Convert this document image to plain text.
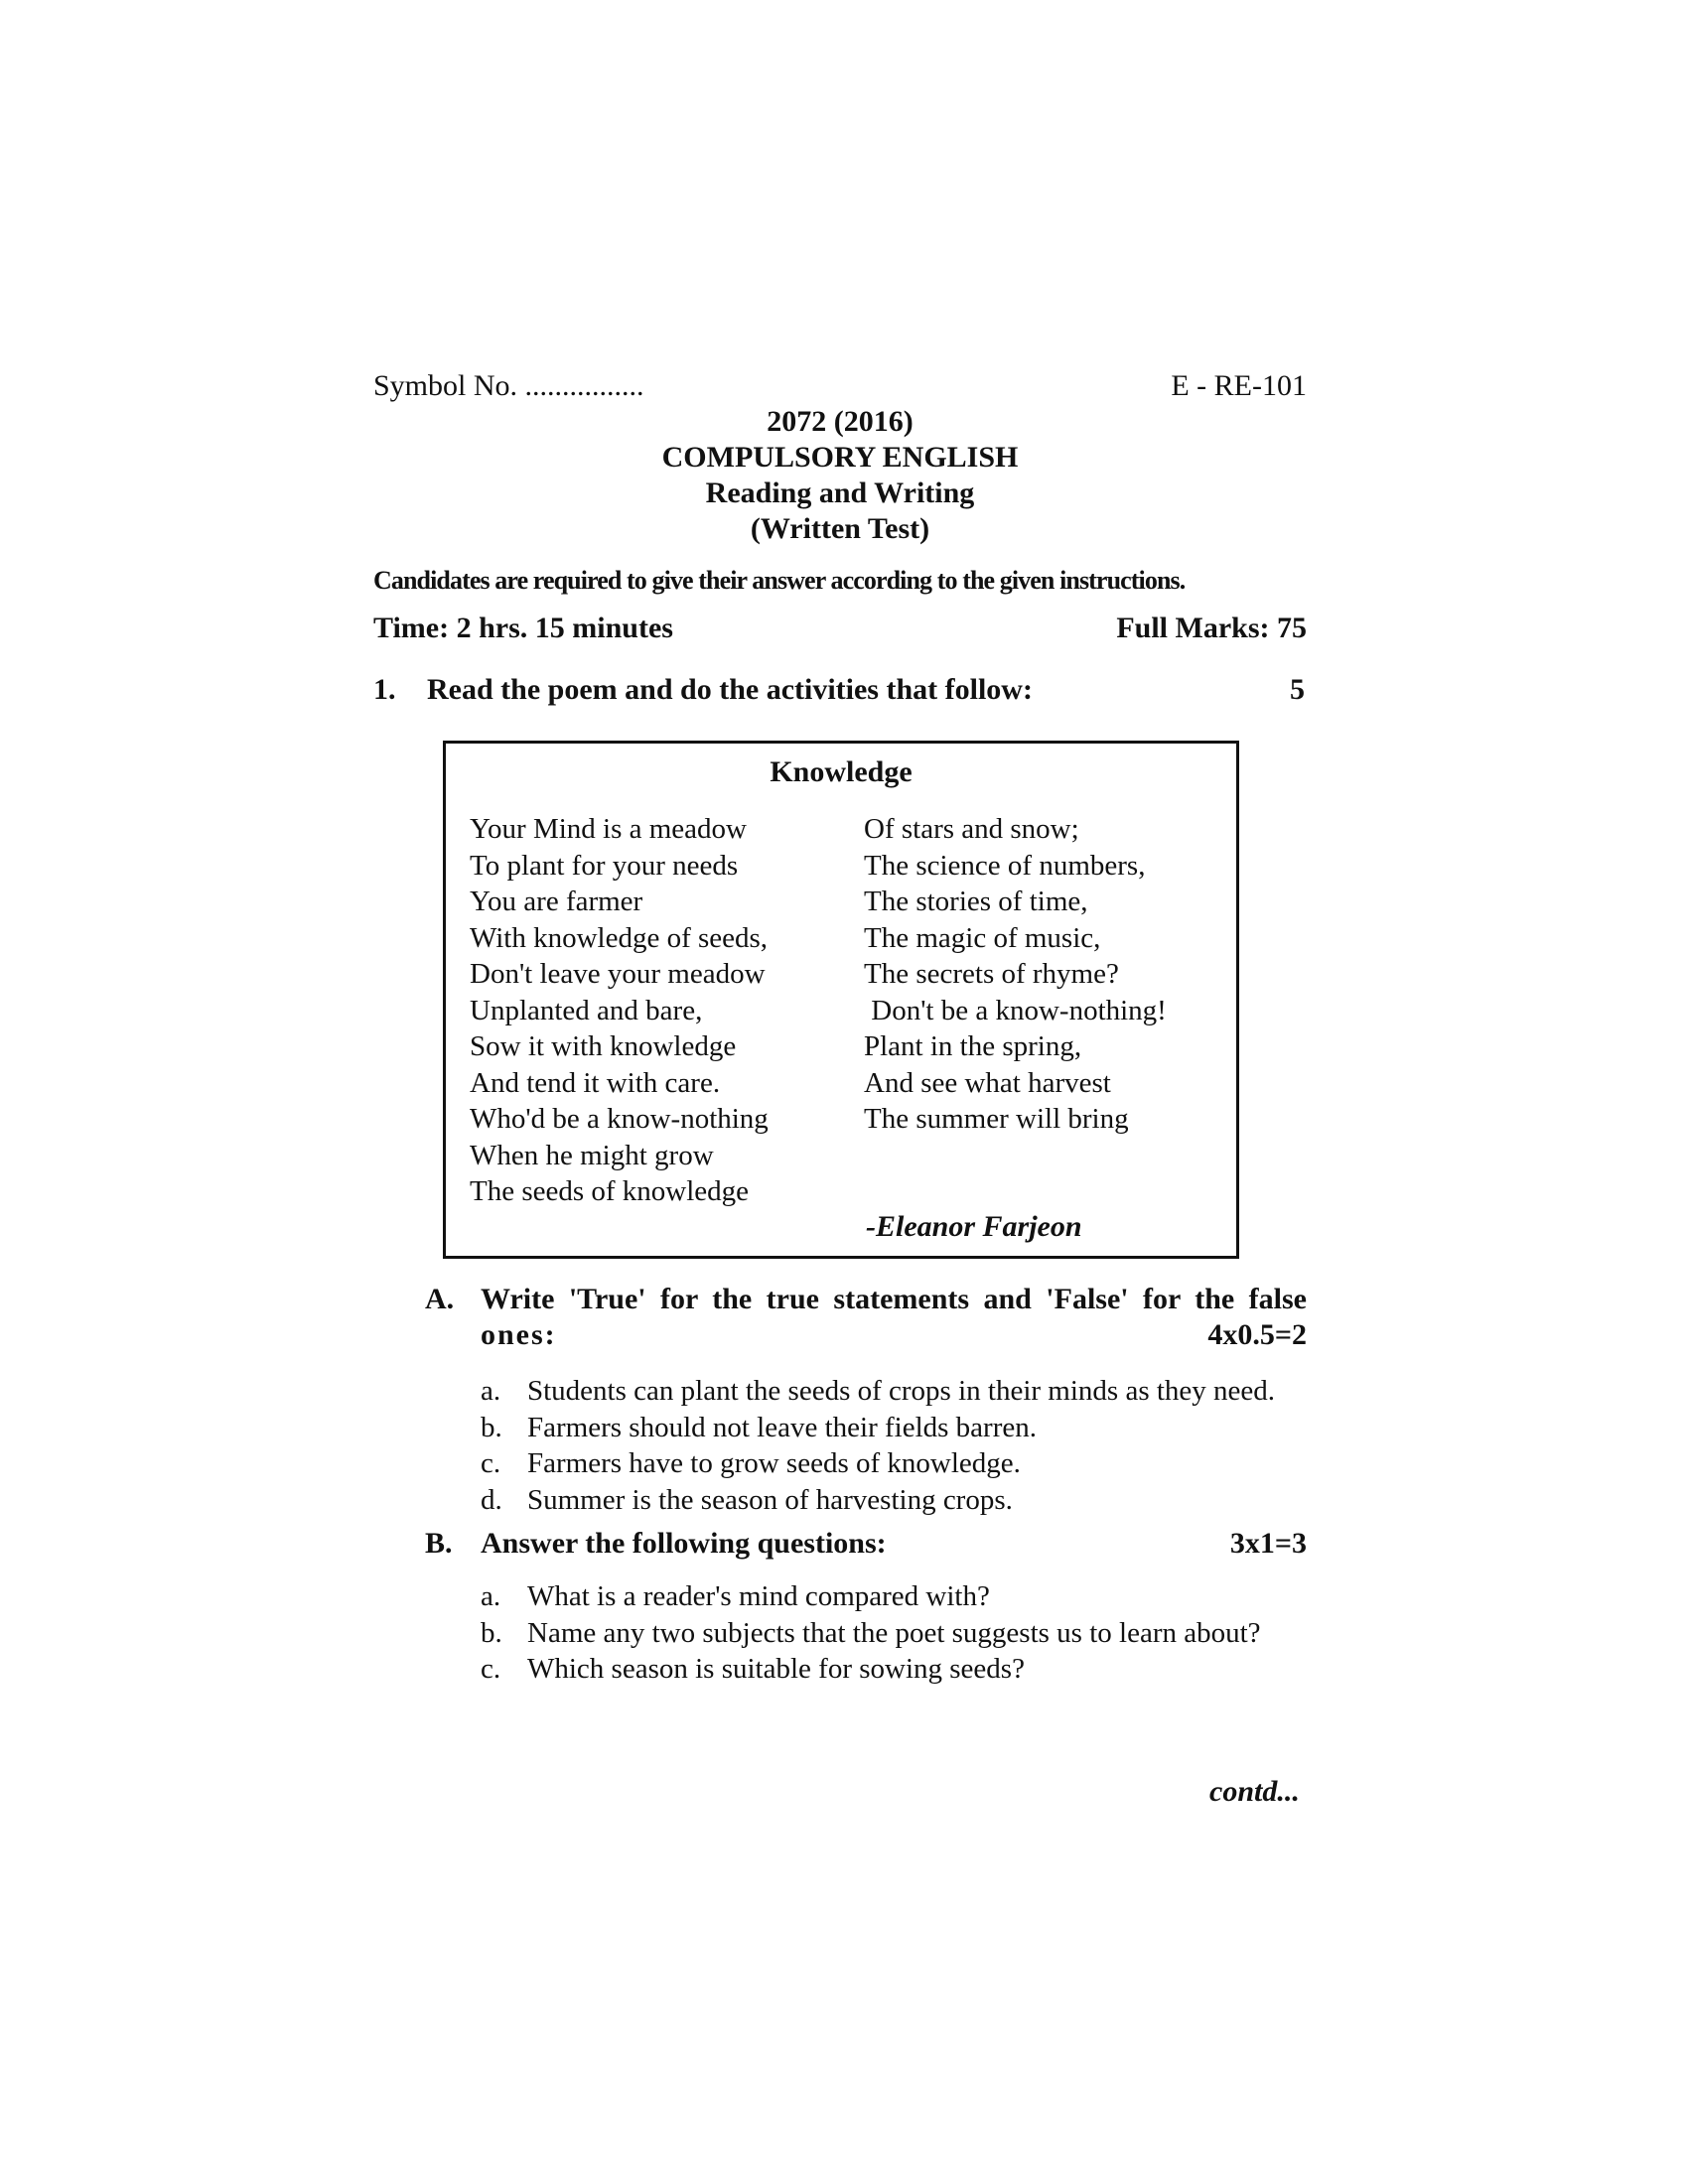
Symbol No. ................	E - RE-101
2072 (2016)
COMPULSORY ENGLISH
Reading and Writing
(Written Test)
Candidates are required to give their answer according to the given instructions.
Time: 2 hrs. 15 minutes	Full Marks: 75
1. Read the poem and do the activities that follow:	5
Knowledge
Your Mind is a meadow
To plant for your needs
You are farmer
With knowledge of seeds,
Don't leave your meadow
Unplanted and bare,
Sow it with knowledge
And tend it with care.
Who'd be a know-nothing
When he might grow
The seeds of knowledge
Of stars and snow;
The science of numbers,
The stories of time,
The magic of music,
The secrets of rhyme?
Don't be a know-nothing!
Plant in the spring,
And see what harvest
The summer will bring
-Eleanor Farjeon
A. Write 'True' for the true statements and 'False' for the false
ones:	4x0.5=2
a. Students can plant the seeds of crops in their minds as they need.
b. Farmers should not leave their fields barren.
c. Farmers have to grow seeds of knowledge.
d. Summer is the season of harvesting crops.
B. Answer the following questions:	3x1=3
a. What is a reader's mind compared with?
b. Name any two subjects that the poet suggests us to learn about?
c. Which season is suitable for sowing seeds?
contd...
